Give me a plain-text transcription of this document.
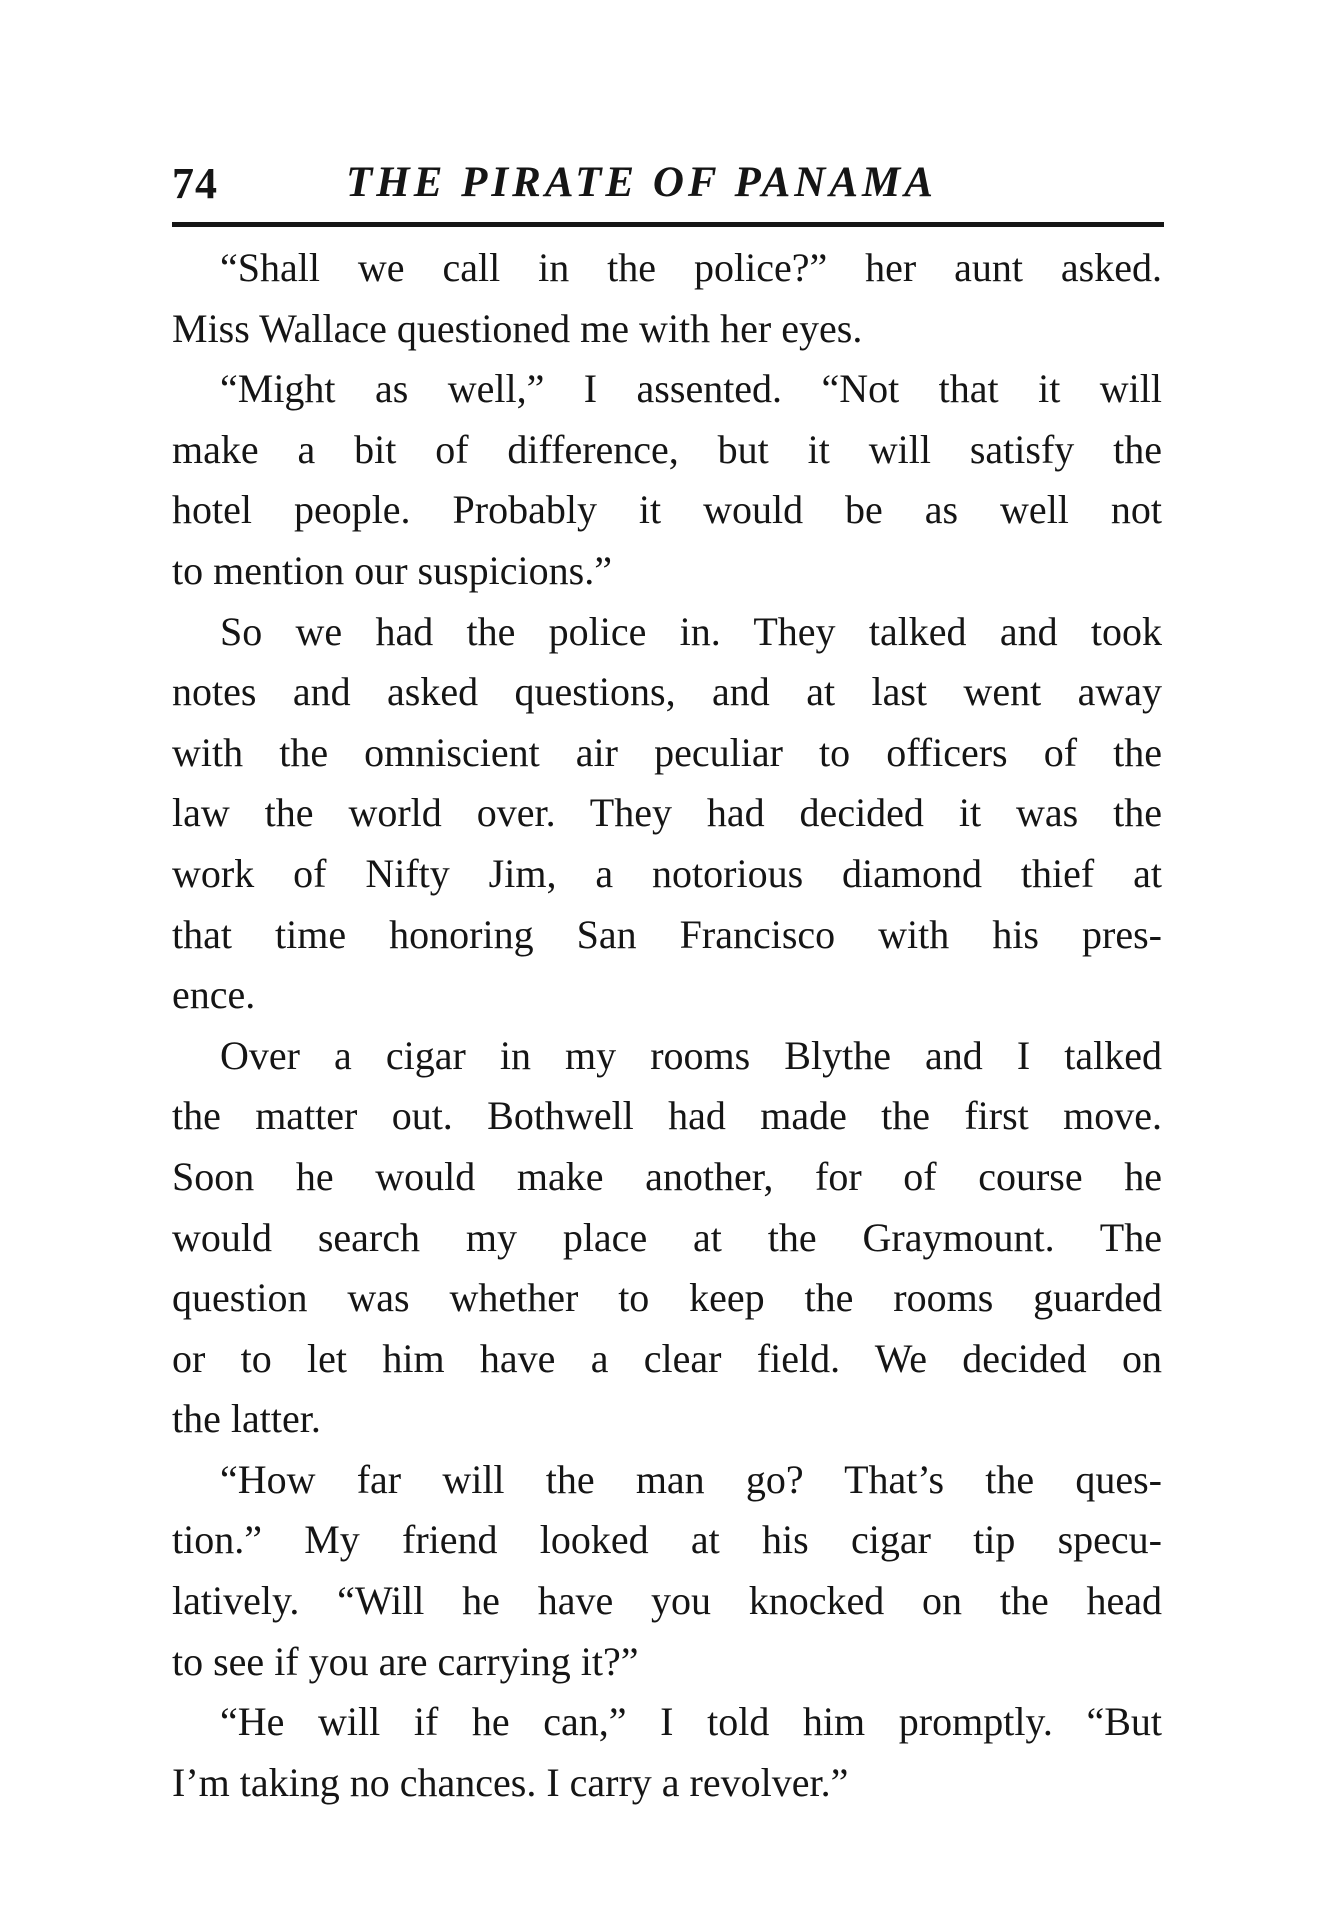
74	THE PIRATE OF PANAMA
“Shall we call in the police?” her aunt asked.
Miss Wallace questioned me with her eyes.
“Might as well,” I assented. “Not that it will
make a bit of difference, but it will satisfy the
hotel people. Probably it would be as well not
to mention our suspicions.”
So we had the police in. They talked and took
notes and asked questions, and at last went away
with the omniscient air peculiar to officers of the
law the world over. They had decided it was the
work of Nifty Jim, a notorious diamond thief at
that time honoring San Francisco with his pres-
ence.
Over a cigar in my rooms Blythe and I talked
the matter out. Bothwell had made the first move.
Soon he would make another, for of course he
would search my place at the Graymount. The
question was whether to keep the rooms guarded
or to let him have a clear field. We decided on
the latter.
“How far will the man go? That’s the ques-
tion.” My friend looked at his cigar tip specu-
latively. “Will he have you knocked on the head
to see if you are carrying it?”
“He will if he can,” I told him promptly. “But
I’m taking no chances. I carry a revolver.”
